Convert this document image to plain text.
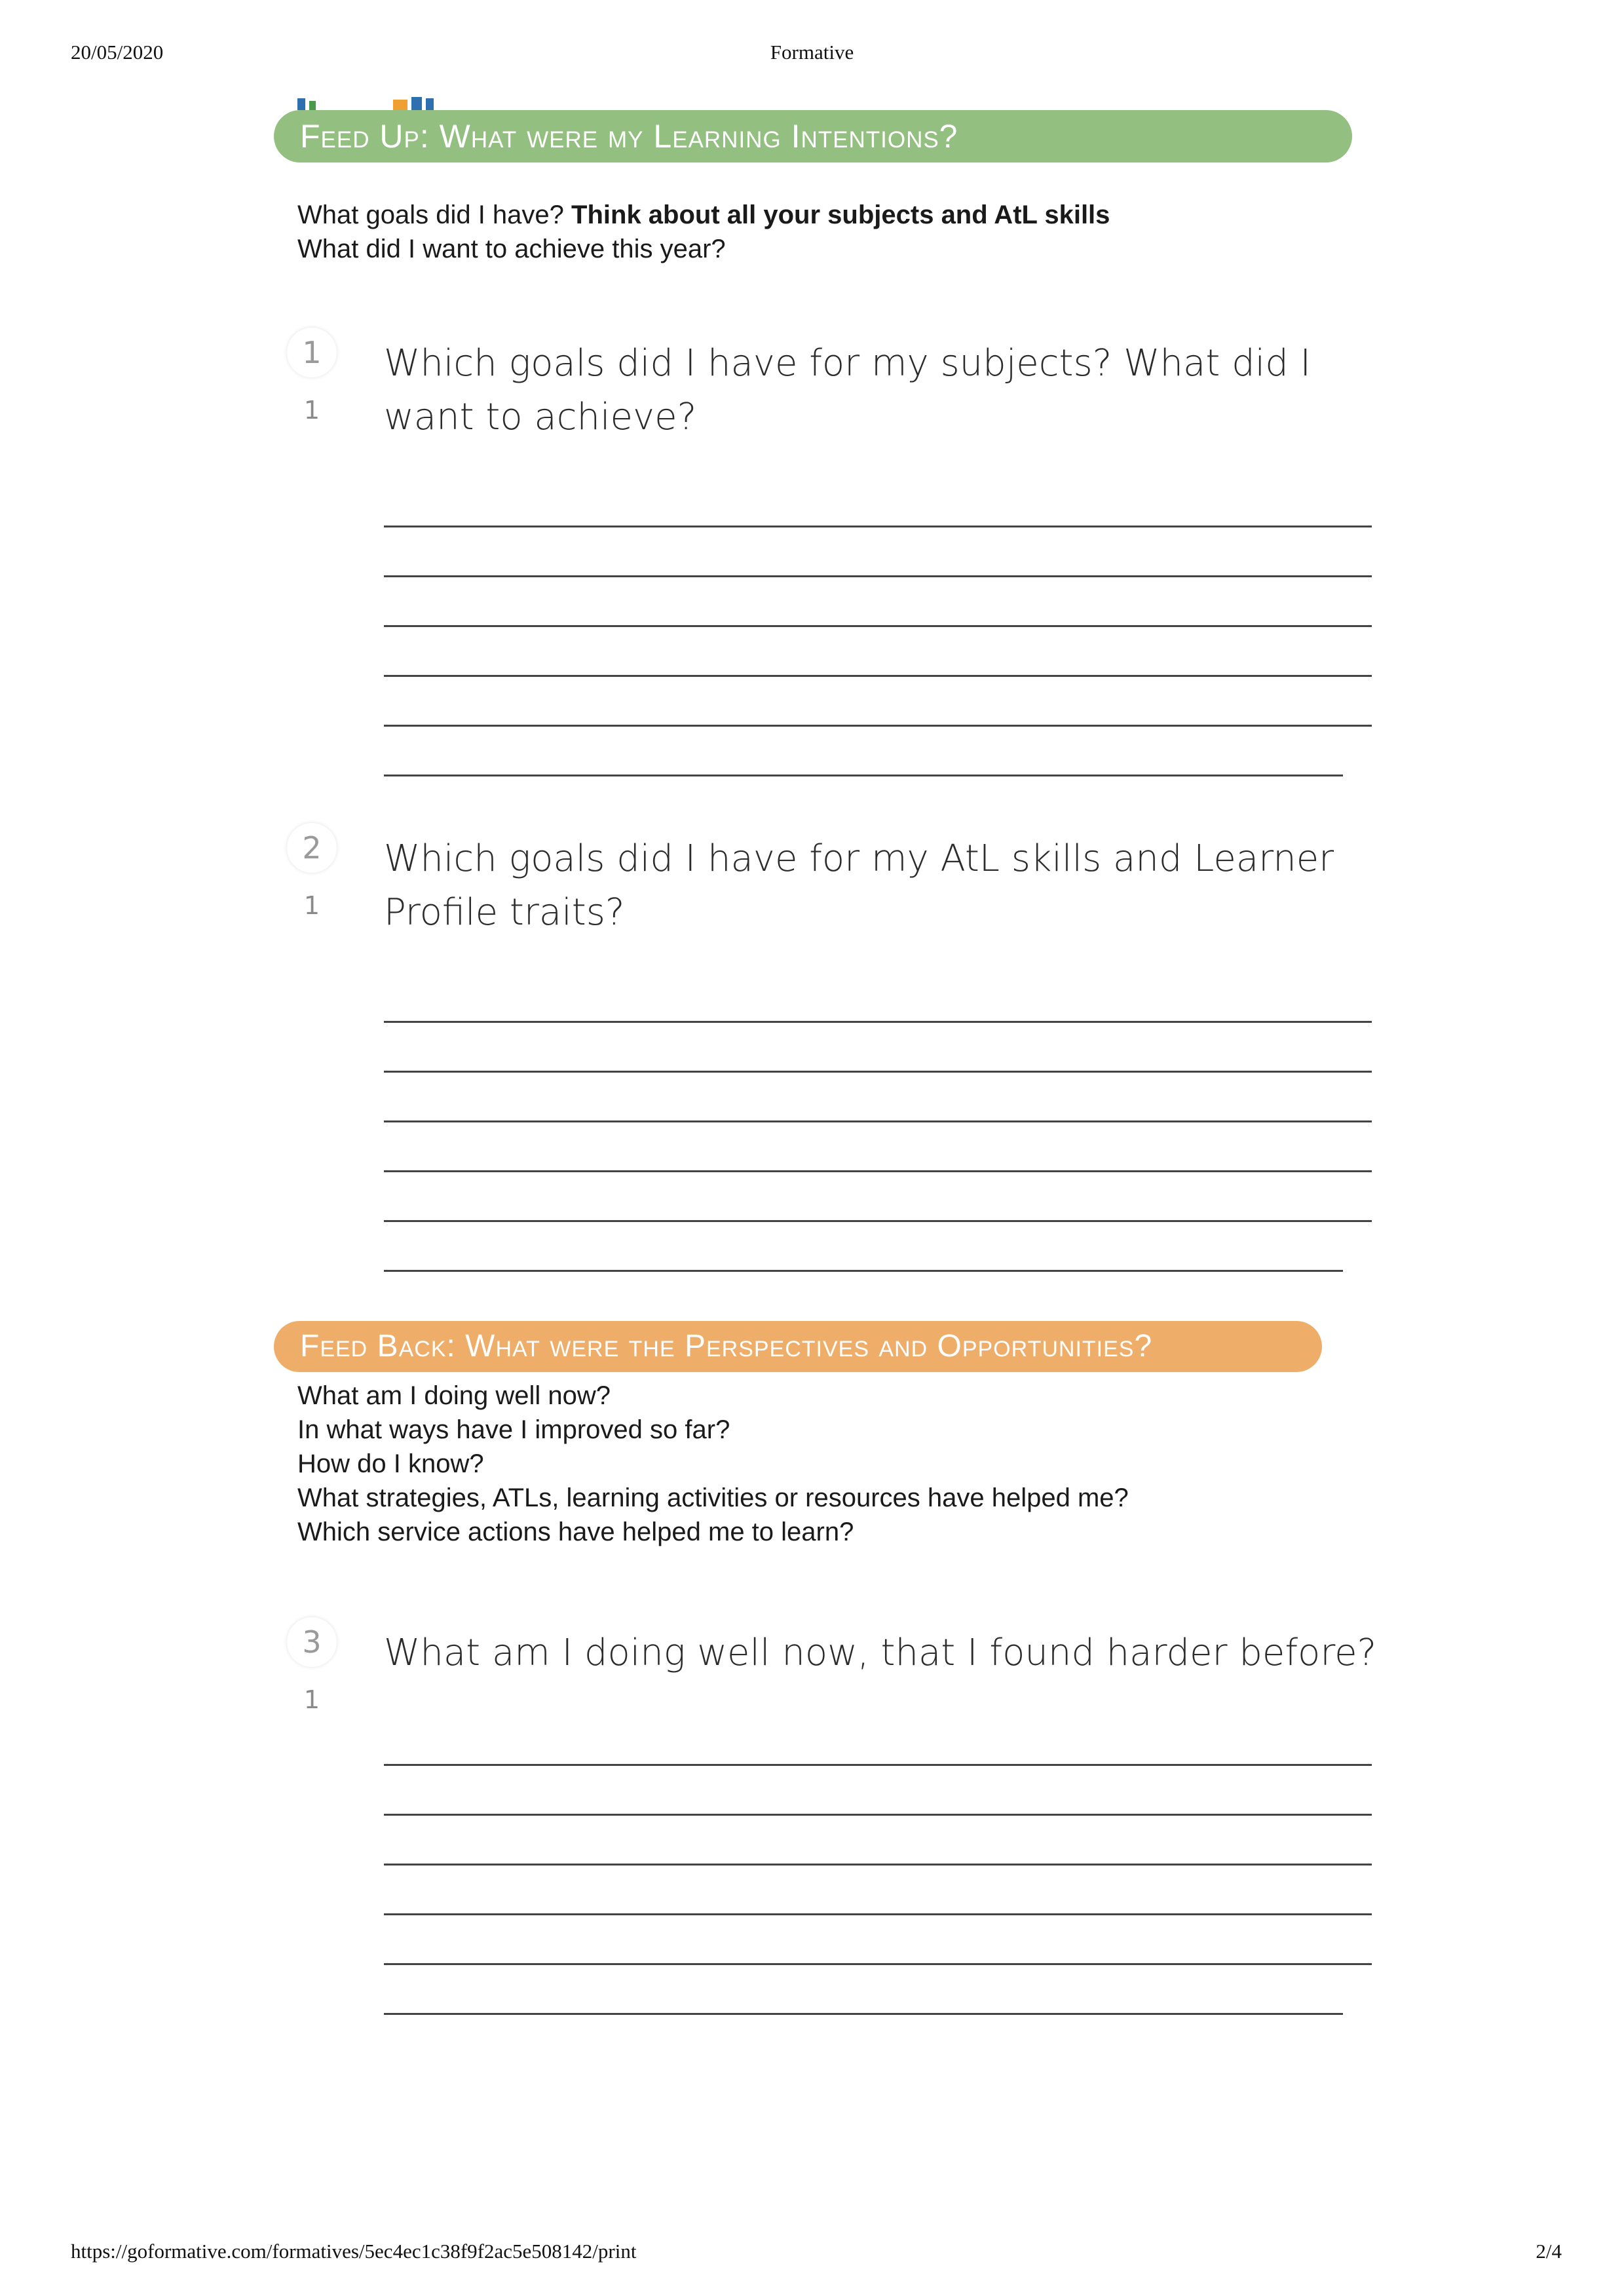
20/05/2020	Formative
Feed Up: What were my Learning Intentions?
What goals did I have? Think about all your subjects and AtL skills
What did I want to achieve this year?
1
1
Which goals did I have for my subjects? What did I want to achieve?
2
1
Which goals did I have for my AtL skills and Learner Profile traits?
Feed Back: What were the Perspectives and Opportunities?
What am I doing well now?
In what ways have I improved so far?
How do I know?
What strategies, ATLs, learning activities or resources have helped me?
Which service actions have helped me to learn?
3
1
What am I doing well now, that I found harder before?
https://goformative.com/formatives/5ec4ec1c38f9f2ac5e508142/print	2/4
